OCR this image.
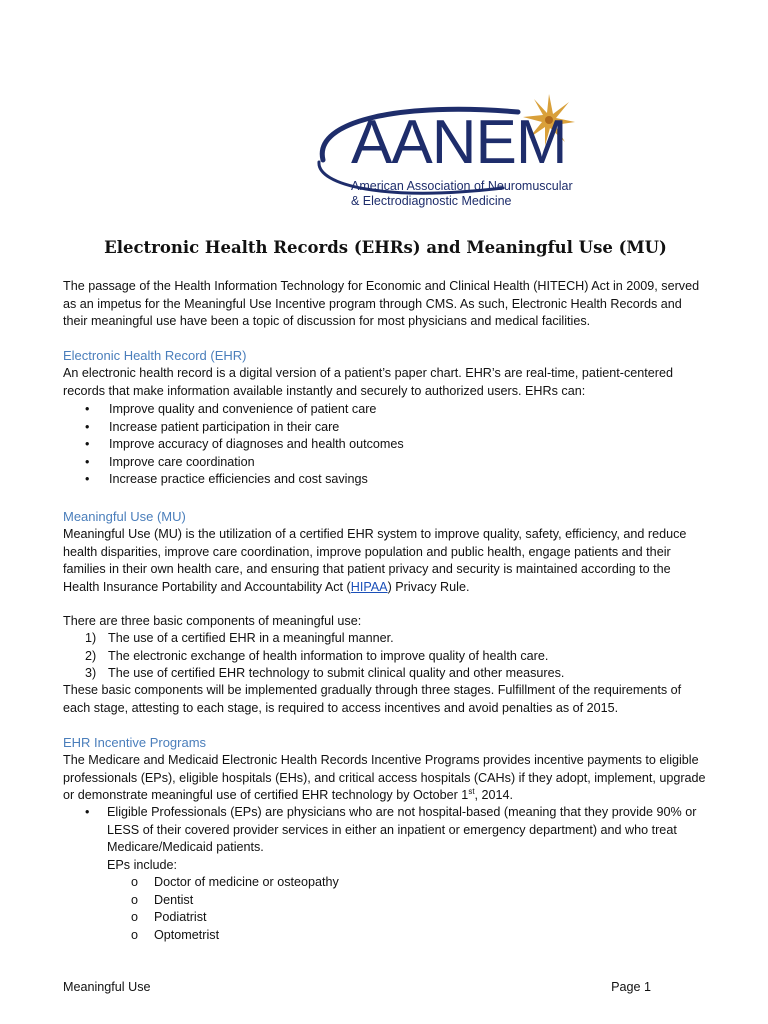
AANEM
American Association of Neuromuscular
& Electrodiagnostic Medicine
Electronic Health Records (EHRs) and Meaningful Use (MU)
The passage of the Health Information Technology for Economic and Clinical Health (HITECH) Act in 2009, served
as an impetus for the Meaningful Use Incentive program through CMS. As such, Electronic Health Records and
their meaningful use have been a topic of discussion for most physicians and medical facilities.
Electronic Health Record (EHR)
An electronic health record is a digital version of a patient’s paper chart. EHR’s are real-time, patient-centered
records that make information available instantly and securely to authorized users. EHRs can:
• Improve quality and convenience of patient care
• Increase patient participation in their care
• Improve accuracy of diagnoses and health outcomes
• Improve care coordination
• Increase practice efficiencies and cost savings
Meaningful Use (MU)
Meaningful Use (MU) is the utilization of a certified EHR system to improve quality, safety, efficiency, and reduce
health disparities, improve care coordination, improve population and public health, engage patients and their
families in their own health care, and ensuring that patient privacy and security is maintained according to the
Health Insurance Portability and Accountability Act (HIPAA) Privacy Rule.
There are three basic components of meaningful use:
1) The use of a certified EHR in a meaningful manner.
2) The electronic exchange of health information to improve quality of health care.
3) The use of certified EHR technology to submit clinical quality and other measures.
These basic components will be implemented gradually through three stages. Fulfillment of the requirements of
each stage, attesting to each stage, is required to access incentives and avoid penalties as of 2015.
EHR Incentive Programs
The Medicare and Medicaid Electronic Health Records Incentive Programs provides incentive payments to eligible
professionals (EPs), eligible hospitals (EHs), and critical access hospitals (CAHs) if they adopt, implement, upgrade
or demonstrate meaningful use of certified EHR technology by October 1st, 2014.
•	Eligible Professionals (EPs) are physicians who are not hospital-based (meaning that they provide 90% or
LESS of their covered provider services in either an inpatient or emergency department) and who treat
Medicare/Medicaid patients.
EPs include:
o Doctor of medicine or osteopathy
o Dentist
o Podiatrist
o Optometrist
Meaningful Use	Page 1
